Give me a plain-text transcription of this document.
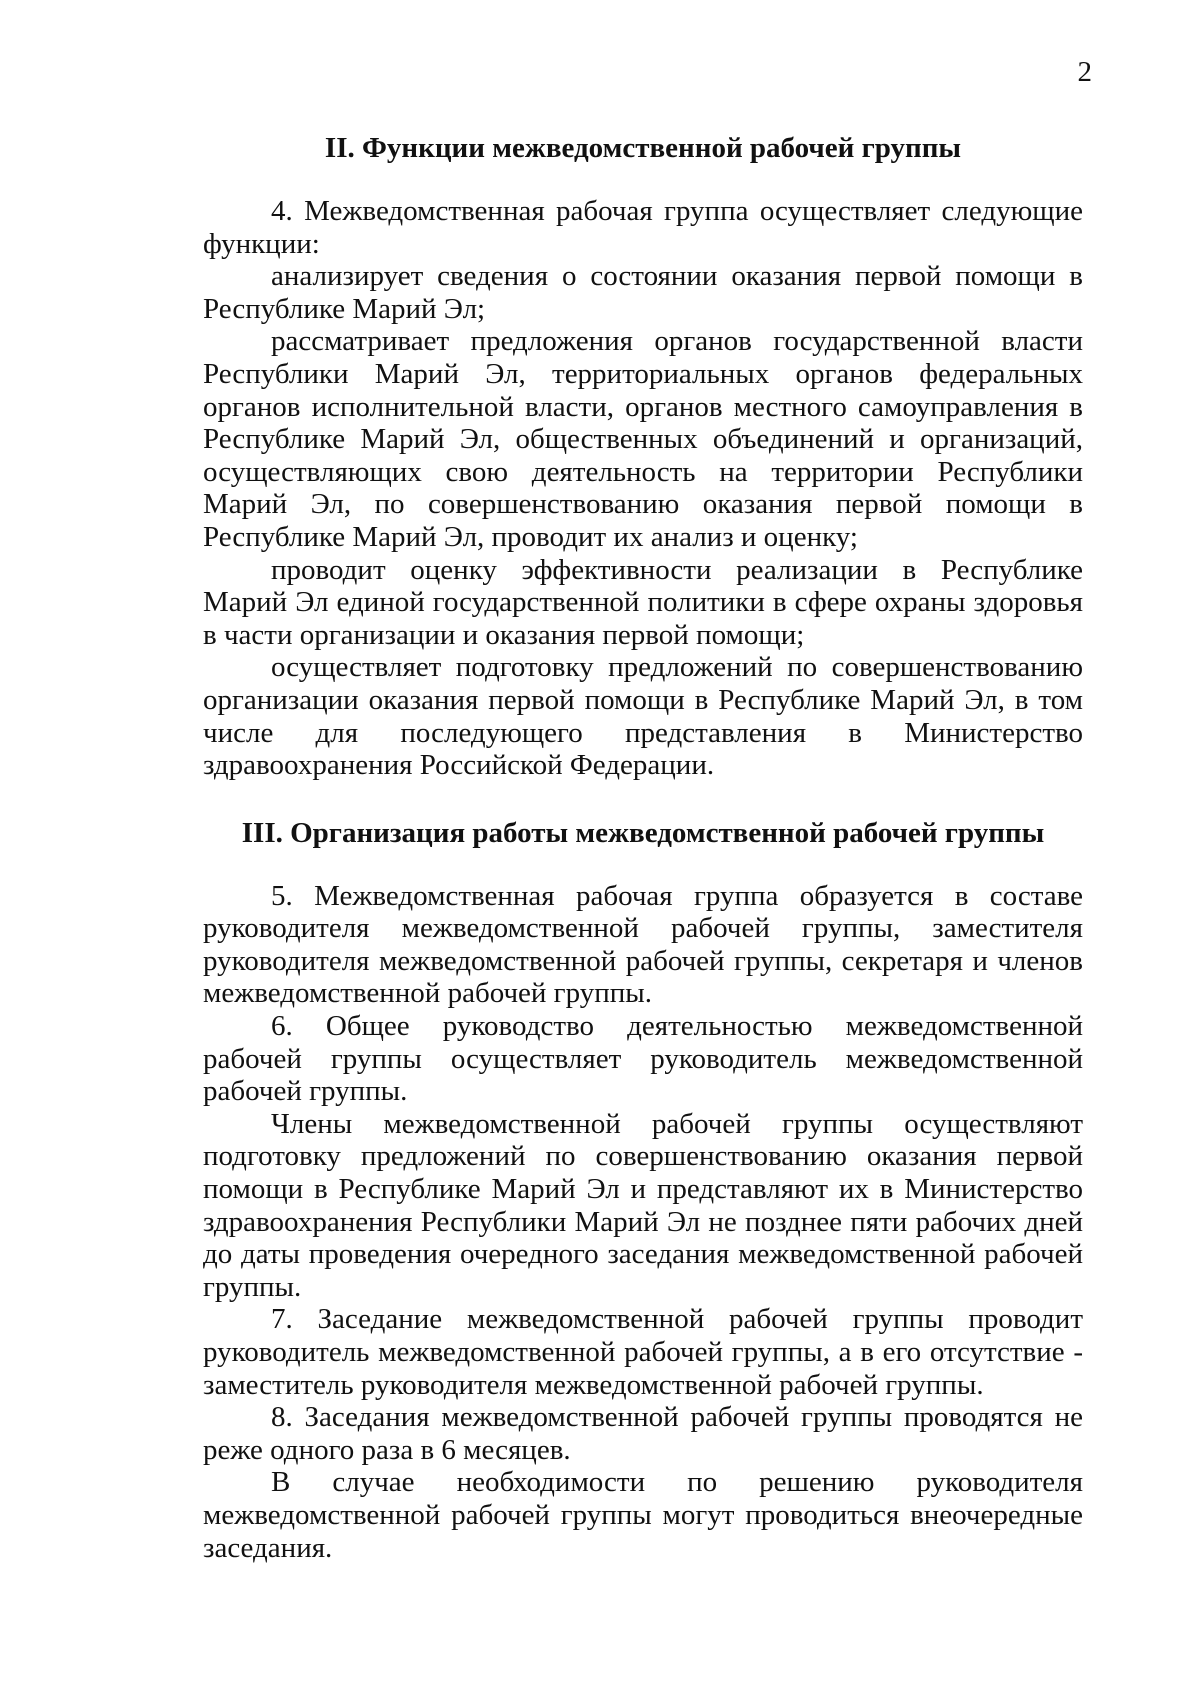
2
II. Функции межведомственной рабочей группы

4. Межведомственная рабочая группа осуществляет следующие функции:

анализирует сведения о состоянии оказания первой помощи в Республике Марий Эл;

рассматривает предложения органов государственной власти Республики Марий Эл, территориальных органов федеральных органов исполнительной власти, органов местного самоуправления в Республике Марий Эл, общественных объединений и организаций, осуществляющих свою деятельность на территории Республики Марий Эл, по совершенствованию оказания первой помощи в Республике Марий Эл, проводит их анализ и оценку;

проводит оценку эффективности реализации в Республике Марий Эл единой государственной политики в сфере охраны здоровья в части организации и оказания первой помощи;

осуществляет подготовку предложений по совершенствованию организации оказания первой помощи в Республике Марий Эл, в том числе для последующего представления в Министерство здравоохранения Российской Федерации.

III. Организация работы межведомственной рабочей группы

5. Межведомственная рабочая группа образуется в составе руководителя межведомственной рабочей группы, заместителя руководителя межведомственной рабочей группы, секретаря и членов межведомственной рабочей группы.

6. Общее руководство деятельностью межведомственной рабочей группы осуществляет руководитель межведомственной рабочей группы.

Члены межведомственной рабочей группы осуществляют подготовку предложений по совершенствованию оказания первой помощи в Республике Марий Эл и представляют их в Министерство здравоохранения Республики Марий Эл не позднее пяти рабочих дней до даты проведения очередного заседания межведомственной рабочей группы.

7. Заседание межведомственной рабочей группы проводит руководитель межведомственной рабочей группы, а в его отсутствие - заместитель руководителя межведомственной рабочей группы.

8. Заседания межведомственной рабочей группы проводятся не реже одного раза в 6 месяцев.

В случае необходимости по решению руководителя межведомственной рабочей группы могут проводиться внеочередные заседания.
